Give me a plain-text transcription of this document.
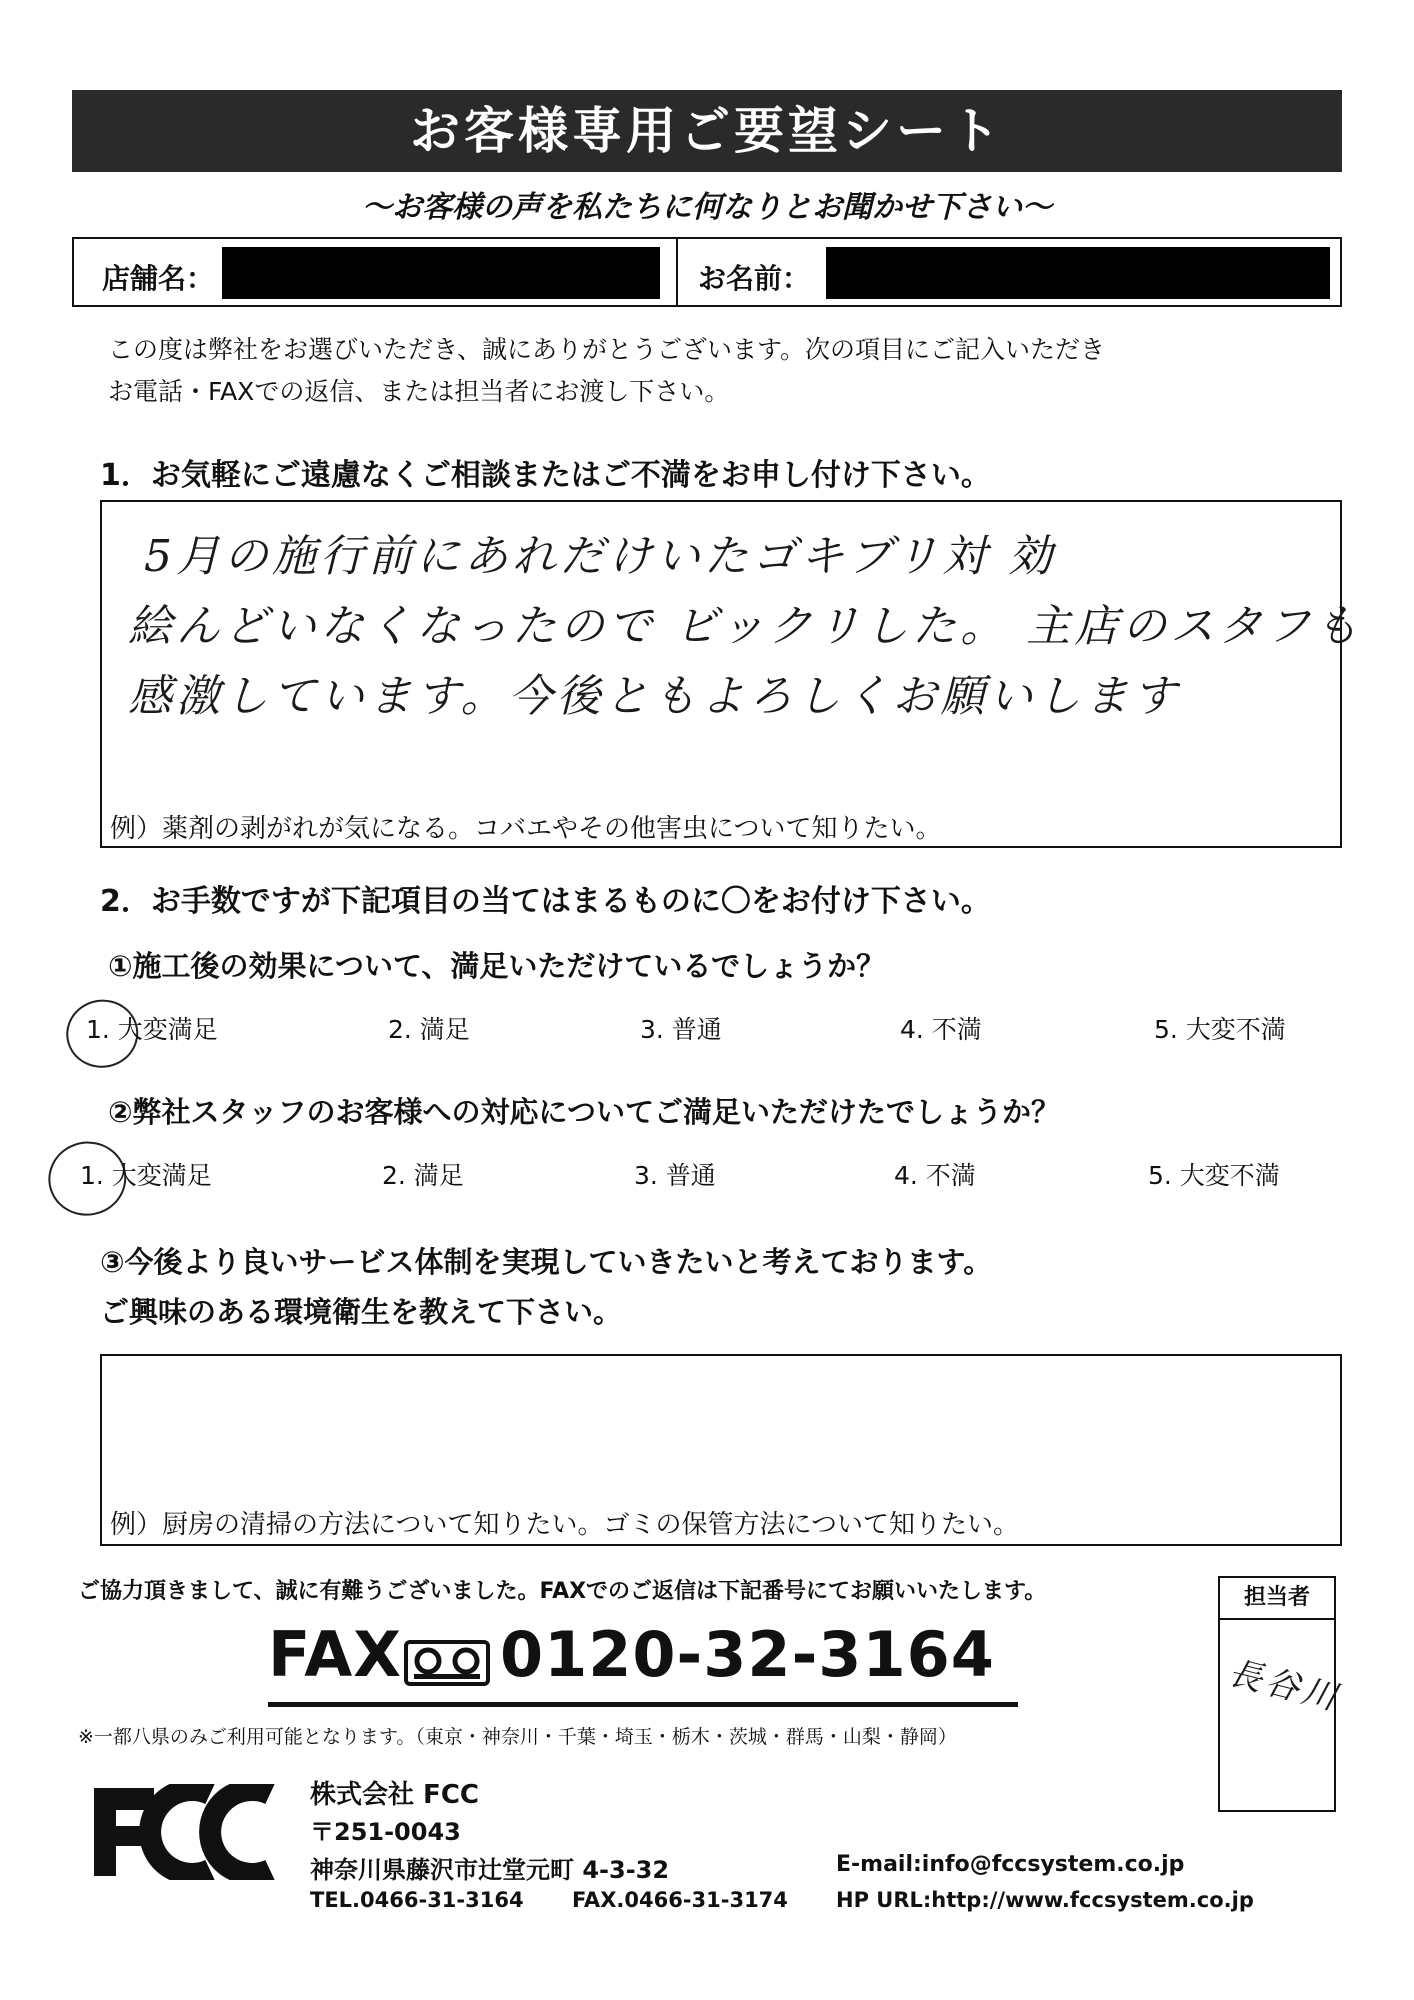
お客様専用ご要望シート
～お客様の声を私たちに何なりとお聞かせ下さい～
店舗名：	お名前：
この度は弊社をお選びいただき、誠にありがとうございます。次の項目にご記入いただき
お電話・FAXでの返信、または担当者にお渡し下さい。
1．お気軽にご遠慮なくご相談またはご不満をお申し付け下さい。
5月の施行前にあれだけいたゴキブリ対 効
絵んどいなくなったので ビックリした。 主店のスタフも
感激しています。今後ともよろしくお願いします
例）薬剤の剥がれが気になる。コバエやその他害虫について知りたい。
2．お手数ですが下記項目の当てはまるものに〇をお付け下さい。
①施工後の効果について、満足いただけているでしょうか？
1. 大変満足	2. 満足	3. 普通	4. 不満	5. 大変不満
②弊社スタッフのお客様への対応についてご満足いただけたでしょうか？
1. 大変満足	2. 満足	3. 普通	4. 不満	5. 大変不満
③今後より良いサービス体制を実現していきたいと考えております。
ご興味のある環境衛生を教えて下さい。
例）厨房の清掃の方法について知りたい。ゴミの保管方法について知りたい。
ご協力頂きまして、誠に有難うございました。FAXでのご返信は下記番号にてお願いいたします。
FAX 0120-32-3164
※一都八県のみご利用可能となります。（東京・神奈川・千葉・埼玉・栃木・茨城・群馬・山梨・静岡）
担当者
長谷川
株式会社 FCC
〒251-0043
神奈川県藤沢市辻堂元町 4-3-32
TEL.0466-31-3164 FAX.0466-31-3174
E-mail:info@fccsystem.co.jp
HP URL:http://www.fccsystem.co.jp
